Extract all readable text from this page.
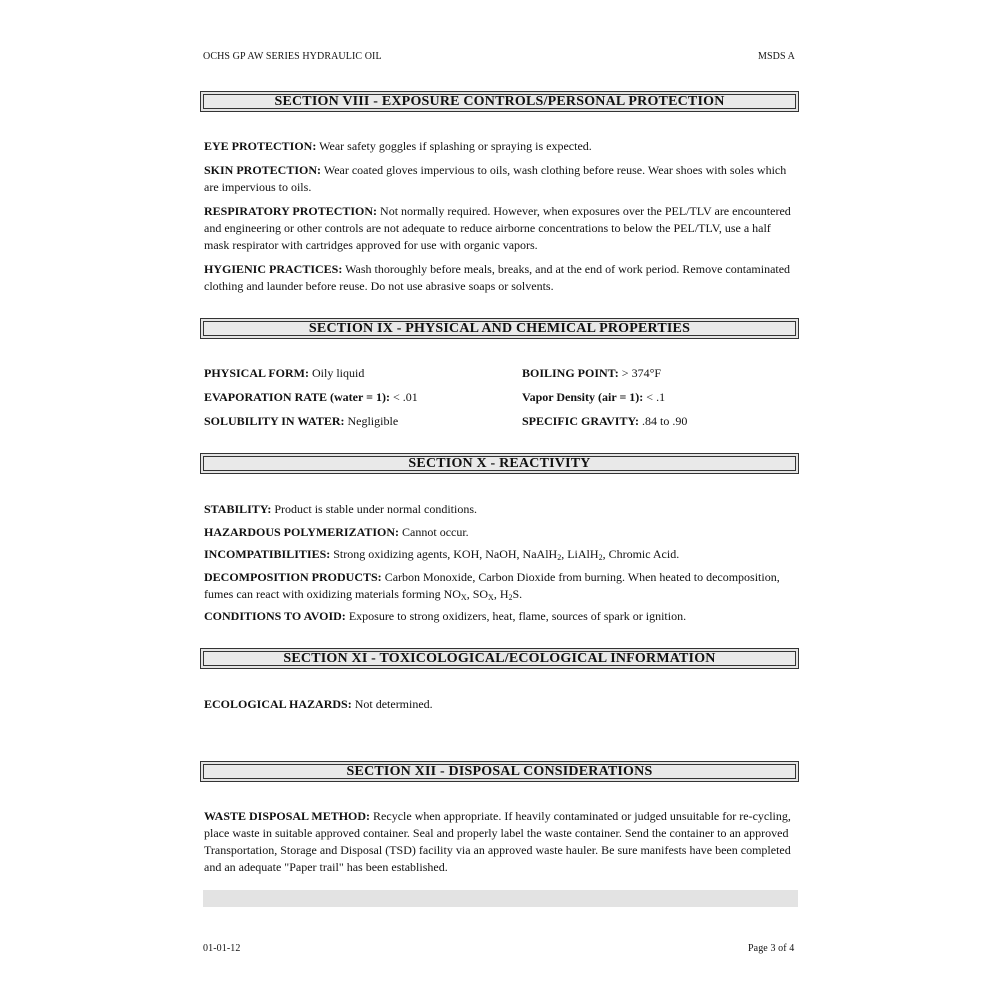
OCHS GP AW SERIES HYDRAULIC OIL	MSDS A
SECTION VIII - EXPOSURE CONTROLS/PERSONAL PROTECTION
EYE PROTECTION: Wear safety goggles if splashing or spraying is expected.
SKIN PROTECTION: Wear coated gloves impervious to oils, wash clothing before reuse. Wear shoes with soles which are impervious to oils.
RESPIRATORY PROTECTION: Not normally required. However, when exposures over the PEL/TLV are encountered and engineering or other controls are not adequate to reduce airborne concentrations to below the PEL/TLV, use a half mask respirator with cartridges approved for use with organic vapors.
HYGIENIC PRACTICES: Wash thoroughly before meals, breaks, and at the end of work period. Remove contaminated clothing and launder before reuse. Do not use abrasive soaps or solvents.
SECTION IX - PHYSICAL AND CHEMICAL PROPERTIES
PHYSICAL FORM: Oily liquid	BOILING POINT: > 374°F
EVAPORATION RATE (water = 1): < .01	Vapor Density (air = 1): < .1
SOLUBILITY IN WATER: Negligible	SPECIFIC GRAVITY: .84 to .90
SECTION X - REACTIVITY
STABILITY: Product is stable under normal conditions.
HAZARDOUS POLYMERIZATION: Cannot occur.
INCOMPATIBILITIES: Strong oxidizing agents, KOH, NaOH, NaAlH$_2$, LiAlH$_2$, Chromic Acid.
DECOMPOSITION PRODUCTS: Carbon Monoxide, Carbon Dioxide from burning. When heated to decomposition, fumes can react with oxidizing materials forming $NO_X$, $SO_X$, $H_2S$.
CONDITIONS TO AVOID: Exposure to strong oxidizers, heat, flame, sources of spark or ignition.
SECTION XI - TOXICOLOGICAL/ECOLOGICAL INFORMATION
ECOLOGICAL HAZARDS: Not determined.
SECTION XII - DISPOSAL CONSIDERATIONS
WASTE DISPOSAL METHOD: Recycle when appropriate. If heavily contaminated or judged unsuitable for re-cycling, place waste in suitable approved container. Seal and properly label the waste container. Send the container to an approved Transportation, Storage and Disposal (TSD) facility via an approved waste hauler. Be sure manifests have been completed and an adequate "Paper trail" has been established.
01-01-12	Page 3 of 4
